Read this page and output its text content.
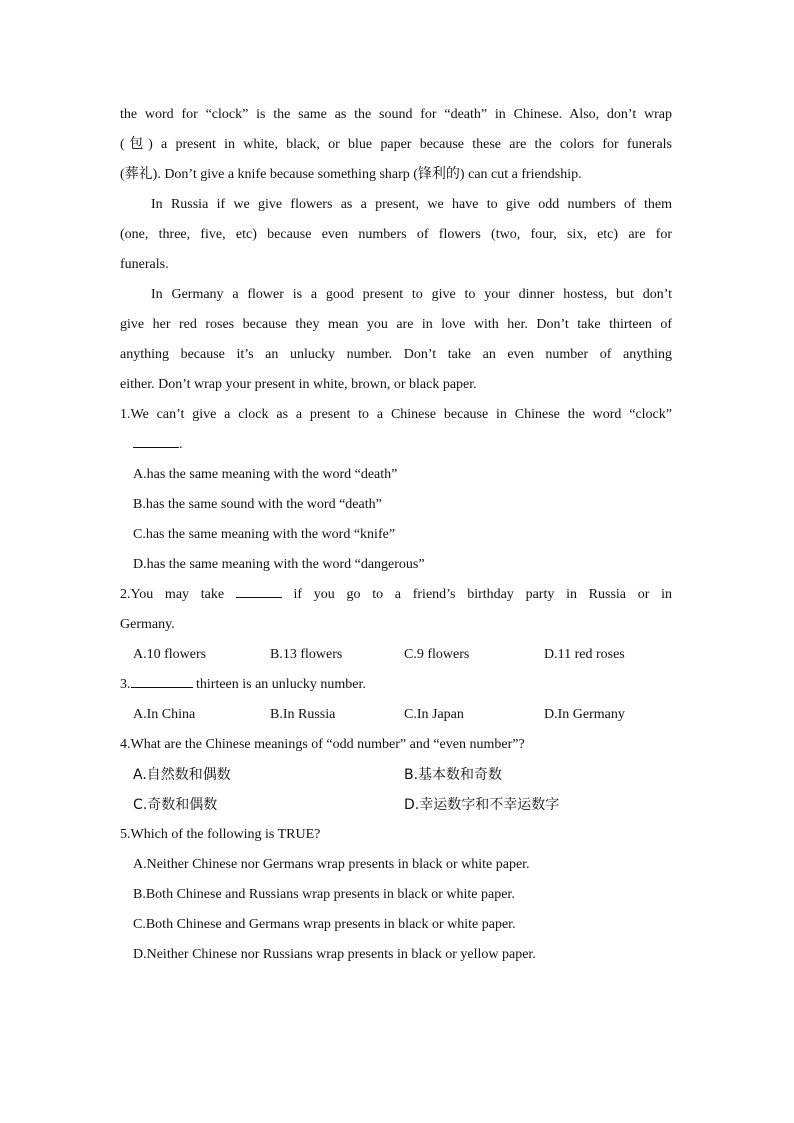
the word for “clock” is the same as the sound for “death” in Chinese. Also, don’t wrap
(包) a present in white, black, or blue paper because these are the colors for funerals
(葬礼). Don’t give a knife because something sharp (锋利的) can cut a friendship.
In Russia if we give flowers as a present, we have to give odd numbers of them
(one, three, five, etc) because even numbers of flowers (two, four, six, etc) are for
funerals.
In Germany a flower is a good present to give to your dinner hostess, but don’t
give her red roses because they mean you are in love with her. Don’t take thirteen of
anything because it’s an unlucky number. Don’t take an even number of anything
either. Don’t wrap your present in white, brown, or black paper.
1.We can’t give a clock as a present to a Chinese because in Chinese the word “clock”
.
A.has the same meaning with the word “death”
B.has the same sound with the word “death”
C.has the same meaning with the word “knife”
D.has the same meaning with the word “dangerous”
2.You may take	if you go to a friend’s birthday party in Russia or in
Germany.
A.10 flowers	B.13 flowers	C.9 flowers	D.11 red roses
3.	thirteen is an unlucky number.
A.In China	B.In Russia	C.In Japan	D.In Germany
4.What are the Chinese meanings of “odd number” and “even number”?
A.自然数和偶数	B.基本数和奇数
C.奇数和偶数	D.幸运数字和不幸运数字
5.Which of the following is TRUE?
A.Neither Chinese nor Germans wrap presents in black or white paper.
B.Both Chinese and Russians wrap presents in black or white paper.
C.Both Chinese and Germans wrap presents in black or white paper.
D.Neither Chinese nor Russians wrap presents in black or yellow paper.
